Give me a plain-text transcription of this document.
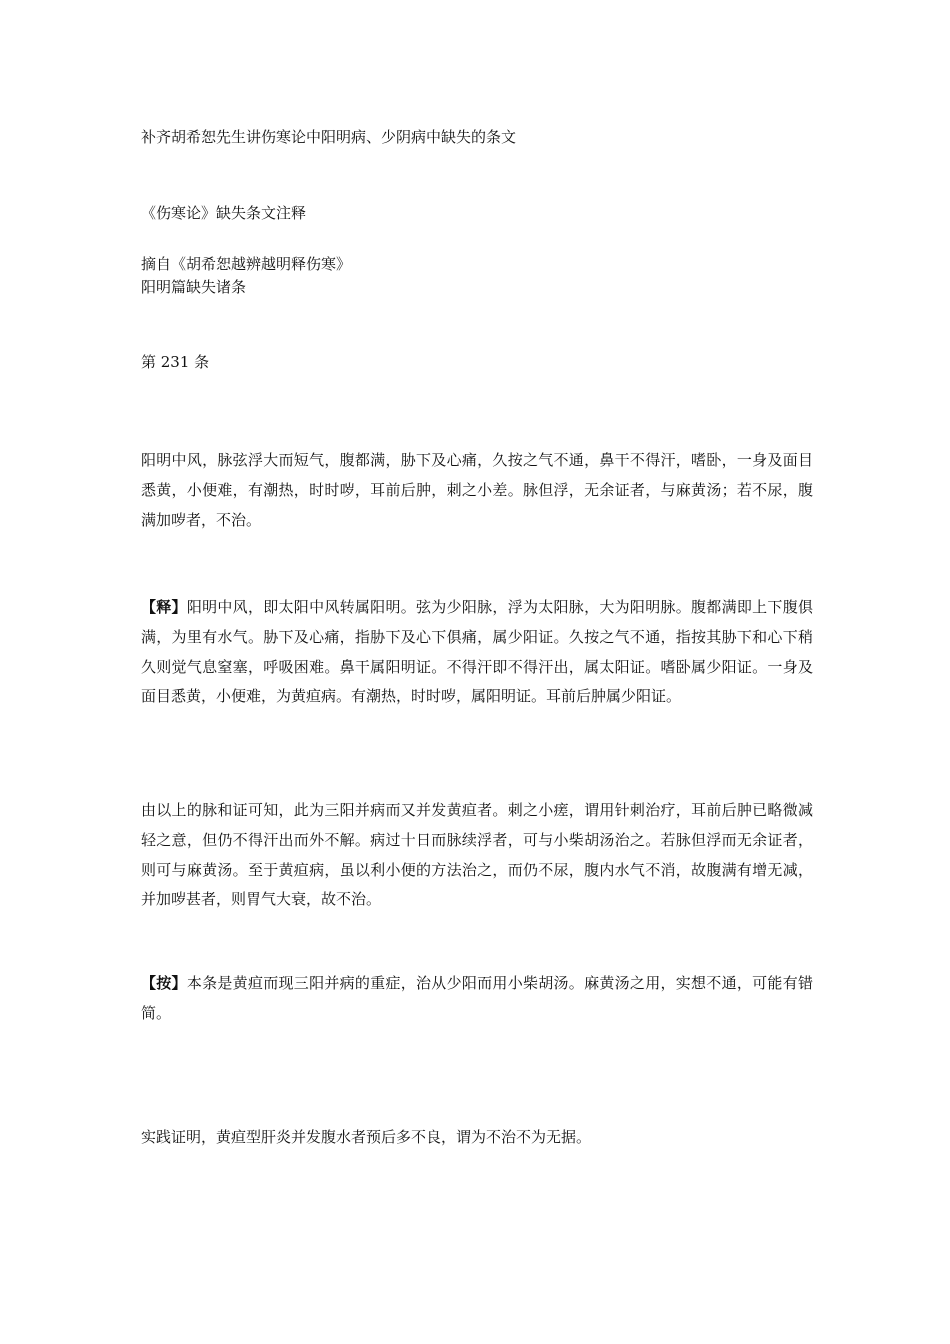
补齐胡希恕先生讲伤寒论中阳明病、少阴病中缺失的条文
《伤寒论》缺失条文注释
摘自《胡希恕越辨越明释伤寒》
阳明篇缺失诸条
第 231 条

阳明中风，脉弦浮大而短气，腹都满，胁下及心痛，久按之气不通，鼻干不得汗，嗜卧，一身及面目悉黄，小便难，有潮热，时时哕，耳前后肿，刺之小差。脉但浮，无余证者，与麻黄汤；若不尿，腹满加哕者，不治。

【释】阳明中风，即太阳中风转属阳明。弦为少阳脉，浮为太阳脉，大为阳明脉。腹都满即上下腹俱满，为里有水气。胁下及心痛，指胁下及心下俱痛，属少阳证。久按之气不通，指按其胁下和心下稍久则觉气息窒塞，呼吸困难。鼻干属阳明证。不得汗即不得汗出，属太阳证。嗜卧属少阳证。一身及面目悉黄，小便难，为黄疸病。有潮热，时时哕，属阳明证。耳前后肿属少阳证。

由以上的脉和证可知，此为三阳并病而又并发黄疸者。刺之小瘥，谓用针刺治疗，耳前后肿已略微减轻之意，但仍不得汗出而外不解。病过十日而脉续浮者，可与小柴胡汤治之。若脉但浮而无余证者，则可与麻黄汤。至于黄疸病，虽以利小便的方法治之，而仍不尿，腹内水气不消，故腹满有增无减，并加哕甚者，则胃气大衰，故不治。

【按】本条是黄疸而现三阳并病的重症，治从少阳而用小柴胡汤。麻黄汤之用，实想不通，可能有错简。

实践证明，黄疸型肝炎并发腹水者预后多不良，谓为不治不为无据。
